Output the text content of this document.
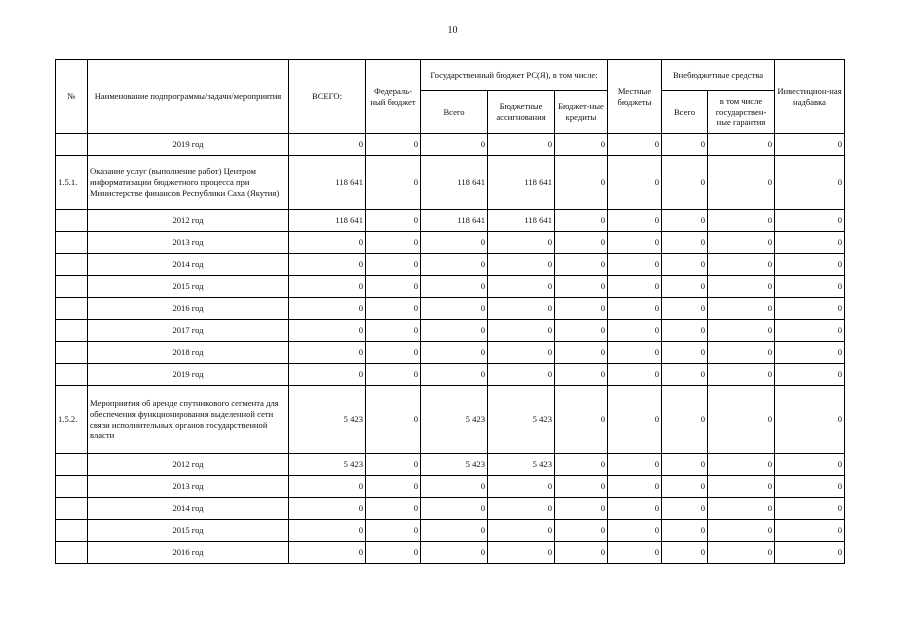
10
№	Наименование подпрограммы/задачи/мероприятия	ВСЕГО:	Федераль-ный бюджет	Государственный бюджет РС(Я), в том числе:			Местные бюджеты	Внебюджетные средства		Инвестицион-ная надбавка
				Всего	Бюджетные ассигнования	Бюджет-ные кредиты		Всего	в том числе государствен-ные гарантия	
	2019 год	0	0	0	0	0	0	0	0	0
1.5.1.	Оказание услуг (выполнение работ) Центром информатизации бюджетного процесса при Министерстве финансов Республики Саха (Якутия)	118 641	0	118 641	118 641	0	0	0	0	0
	2012 год	118 641	0	118 641	118 641	0	0	0	0	0
	2013 год	0	0	0	0	0	0	0	0	0
	2014 год	0	0	0	0	0	0	0	0	0
	2015 год	0	0	0	0	0	0	0	0	0
	2016 год	0	0	0	0	0	0	0	0	0
	2017 год	0	0	0	0	0	0	0	0	0
	2018 год	0	0	0	0	0	0	0	0	0
	2019 год	0	0	0	0	0	0	0	0	0
1.5.2.	Мероприятия об аренде спутникового сегмента для обеспечения функционирования выделенной сети связи исполнительных органов государственной власти	5 423	0	5 423	5 423	0	0	0	0	0
	2012 год	5 423	0	5 423	5 423	0	0	0	0	0
	2013 год	0	0	0	0	0	0	0	0	0
	2014 год	0	0	0	0	0	0	0	0	0
	2015 год	0	0	0	0	0	0	0	0	0
	2016 год	0	0	0	0	0	0	0	0	0
